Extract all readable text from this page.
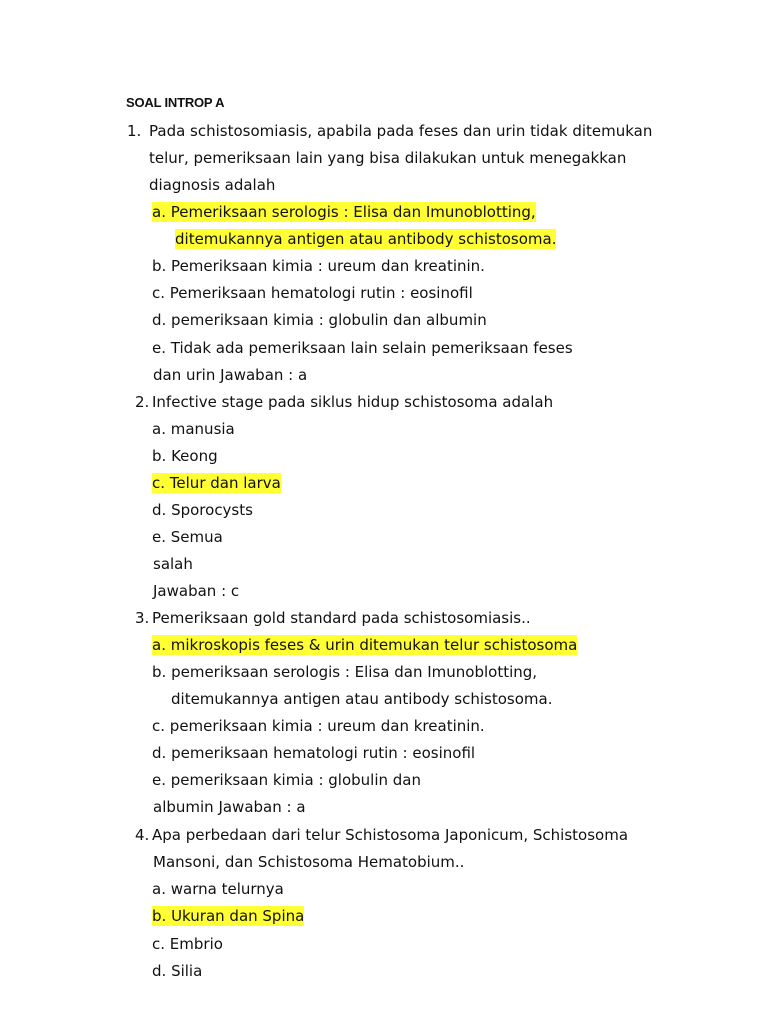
SOAL INTROP A
1. Pada schistosomiasis, apabila pada feses dan urin tidak ditemukan
telur, pemeriksaan lain yang bisa dilakukan untuk menegakkan
diagnosis adalah
a. Pemeriksaan serologis : Elisa dan Imunoblotting,
ditemukannya antigen atau antibody schistosoma.
b. Pemeriksaan kimia : ureum dan kreatinin.
c. Pemeriksaan hematologi rutin : eosinofil
d. pemeriksaan kimia : globulin dan albumin
e. Tidak ada pemeriksaan lain selain pemeriksaan feses
dan urin Jawaban : a
2. Infective stage pada siklus hidup schistosoma adalah
a. manusia
b. Keong
c. Telur dan larva
d. Sporocysts
e. Semua
salah
Jawaban : c
3. Pemeriksaan gold standard pada schistosomiasis..
a. mikroskopis feses & urin ditemukan telur schistosoma
b. pemeriksaan serologis : Elisa dan Imunoblotting,
ditemukannya antigen atau antibody schistosoma.
c. pemeriksaan kimia : ureum dan kreatinin.
d. pemeriksaan hematologi rutin : eosinofil
e. pemeriksaan kimia : globulin dan
albumin Jawaban : a
4. Apa perbedaan dari telur Schistosoma Japonicum, Schistosoma
Mansoni, dan Schistosoma Hematobium..
a. warna telurnya
b. Ukuran dan Spina
c. Embrio
d. Silia
